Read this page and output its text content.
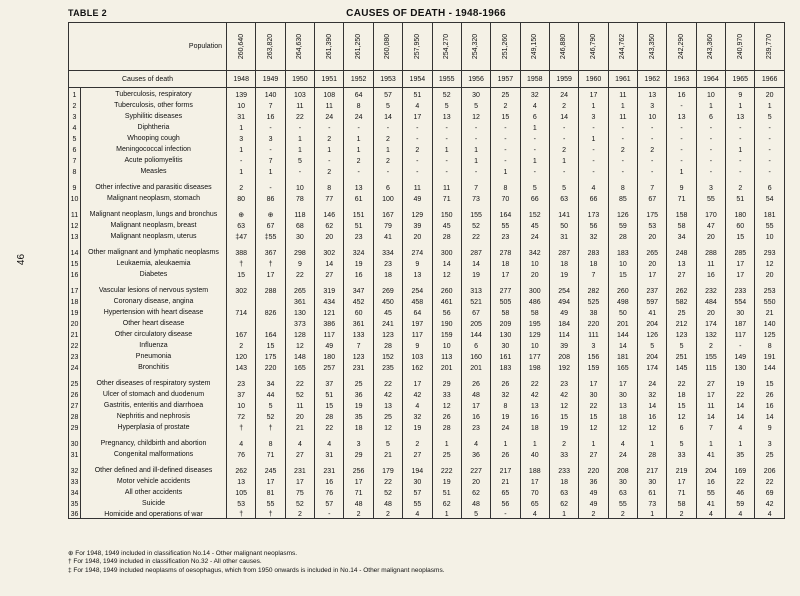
46
CAUSES OF DEATH - 1948-1966
TABLE 2
Population		260,640	263,820	264,630	261,390	261,250	260,080	257,950	254,270	254,320	251,260	249,150	246,880	246,790	244,762	243,350	242,290	243,360	240,970	239,770
Causes of death		1948	1949	1950	1951	1952	1953	1954	1955	1956	1957	1958	1959	1960	1961	1962	1963	1964	1965	1966
1	Tuberculosis, respiratory	139	140	103	108	64	57	51	52	30	25	32	24	17	11	13	16	10	9	20
2	Tuberculosis, other forms	10	7	11	11	8	5	4	5	5	2	4	2	1	1	3	-	1	1	1
3	Syphilitic diseases	31	16	22	24	24	14	17	13	12	15	6	14	3	11	10	13	6	13	5
4	Diphtheria	1	-	-	-	-	-	-	-	-	-	1	-	-	-	-	-	-	-	-
5	Whooping cough	3	3	1	2	1	2	-	-	-	-	-	-	1	-	-	-	-	-	-
6	Meningococcal infection	1	-	1	1	1	1	2	1	1	-	-	2	-	2	2	-	-	1	-
7	Acute poliomyelitis	-	7	5	-	2	2	-	-	1	-	1	1	-	-	-	-	-	-	-
8	Measles	1	1	-	2	-	-	-	-	-	1	-	-	-	-	-	1	-	-	-
9	Other infective and parasitic diseases	2	-	10	8	13	6	11	11	7	8	5	5	4	8	7	9	3	2	6
10	Malignant neoplasm, stomach	80	86	78	77	61	100	49	71	73	70	66	63	66	85	67	71	55	51	54
11	Malignant neoplasm, lungs and bronchus	⊕	⊕	118	146	151	167	129	150	155	164	152	141	173	126	175	158	170	180	181
12	Malignant neoplasm, breast	63	67	68	62	51	79	39	45	52	55	45	50	56	59	53	58	47	60	55
13	Malignant neoplasm, uterus	‡47	‡55	30	20	23	41	20	28	22	23	24	31	32	28	20	34	20	15	10
14	Other malignant and lymphatic neoplasms	388	367	298	302	324	334	274	300	287	278	342	287	283	183	265	248	288	285	293
15	Leukaemia, aleukaemia	†	†	9	14	19	23	9	14	14	18	10	18	18	10	20	13	11	17	12
16	Diabetes	15	17	22	27	16	18	13	12	19	17	20	19	7	15	17	27	16	17	20
17	Vascular lesions of nervous system	302	288	265	319	347	269	254	260	313	277	300	254	282	260	237	262	232	233	253
18	Coronary disease, angina			361	434	452	450	458	461	521	505	486	494	525	498	597	582	484	554	550
19	Hypertension with heart disease	714	826	130	121	60	45	64	56	67	58	58	49	38	50	41	25	20	30	21
20	Other heart disease			373	386	361	241	197	190	205	209	195	184	220	201	204	212	174	187	140
21	Other circulatory disease	167	164	128	117	133	123	117	159	144	130	129	114	111	144	126	123	132	117	125
22	Influenza	2	15	12	49	7	28	9	10	6	30	10	39	3	14	5	5	2	-	8
23	Pneumonia	120	175	148	180	123	152	103	113	160	161	177	208	156	181	204	251	155	149	191
24	Bronchitis	143	220	165	257	231	235	162	201	201	183	198	192	159	165	174	145	115	130	144
25	Other diseases of respiratory system	23	34	22	37	25	22	17	29	26	26	22	23	17	17	24	22	27	19	15
26	Ulcer of stomach and duodenum	37	44	52	51	36	42	42	33	48	32	42	42	30	30	32	18	17	22	26
27	Gastritis, enteritis and diarrhoea	10	5	11	15	19	13	4	12	17	8	13	12	22	13	14	15	11	14	16
28	Nephritis and nephrosis	72	52	20	28	35	25	32	26	16	19	16	15	15	18	16	12	14	14	14
29	Hyperplasia of prostate	†	†	21	22	18	12	19	28	23	24	18	19	12	12	12	6	7	4	9
30	Pregnancy, childbirth and abortion	4	8	4	4	3	5	2	1	4	1	1	2	1	4	1	5	1	1	3
31	Congenital malformations	76	71	27	31	29	21	27	25	36	26	40	33	27	24	28	33	41	35	25
32	Other defined and ill-defined diseases	262	245	231	231	256	179	194	222	227	217	188	233	220	208	217	219	204	169	206
33	Motor vehicle accidents	13	17	17	16	17	22	30	19	20	21	17	18	36	30	30	17	16	22	22
34	All other accidents	105	81	75	76	71	52	57	51	62	65	70	63	49	63	61	71	55	46	69
35	Suicide	53	55	52	57	48	48	55	62	48	56	65	62	49	55	73	58	41	59	42
36	Homicide and operations of war	†	†	2	-	2	2	4	1	5	-	4	1	2	2	1	2	4	4	4
⊕ For 1948, 1949 included in classification No.14 - Other malignant neoplasms.
† For 1948, 1949 included in classification No.32 - All other causes.
‡ For 1948, 1949 included neoplasms of oesophagus, which from 1950 onwards is included in No.14 - Other malignant neoplasms.
